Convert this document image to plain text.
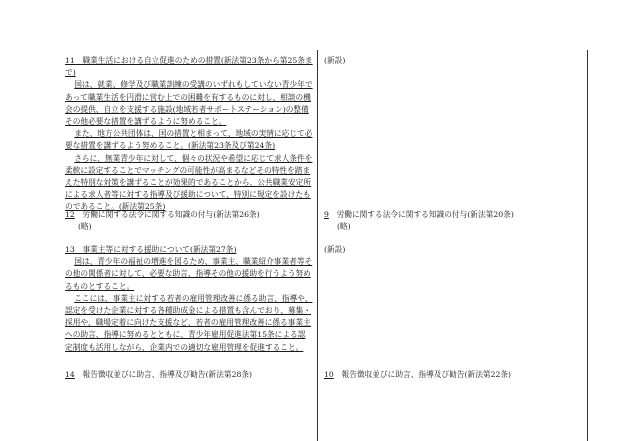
11　職業生活における自立促進のための措置(新法第23条から第25条まで)

国は、就業、修学及び職業訓練の受講のいずれもしていない青少年であって職業生活を円滑に営む上での困難を有するものに対し、相談の機会の提供、自立を支援する施設(地域若者サポートステーション)の整備その他必要な措置を講ずるように努めること。

また、地方公共団体は、国の措置と相まって、地域の実情に応じて必要な措置を講ずるよう努めること。(新法第23条及び第24条)

さらに、無業青少年に対して、個々の状況や希望に応じて求人条件を柔軟に設定することでマッチングの可能性が高まるなどその特性を踏まえた特別な対策を講ずることが効果的であることから、公共職業安定所による求人者等に対する指導及び援助について、特別に規定を設けたものであること。(新法第25条)

12　 労働に関する法令に関する知識の付与(新法第26条)

(略)

13　事業主等に対する援助について(新法第27条)

国は、青少年の福祉の増進を図るため、事業主、職業紹介事業者等その他の関係者に対して、必要な助言、指導その他の援助を行うよう努めるものとすること。

ここには、事業主に対する若者の雇用管理改善に係る助言、指導や、認定を受けた企業に対する各種助成金による措置も含んでおり、募集・採用や、職場定着に向けた支援など、若者の雇用管理改善に係る事業主への助言、指導に努めるとともに、青少年雇用促進法第15条による認定制度も活用しながら、企業内での適切な雇用管理を促進すること。

14　 報告徴収並びに助言、指導及び勧告(新法第28条)

(新設)

9　 労働に関する法令に関する知識の付与(新法第20条)

(略)

(新設)

10　 報告徴収並びに助言、指導及び勧告(新法第22条)
